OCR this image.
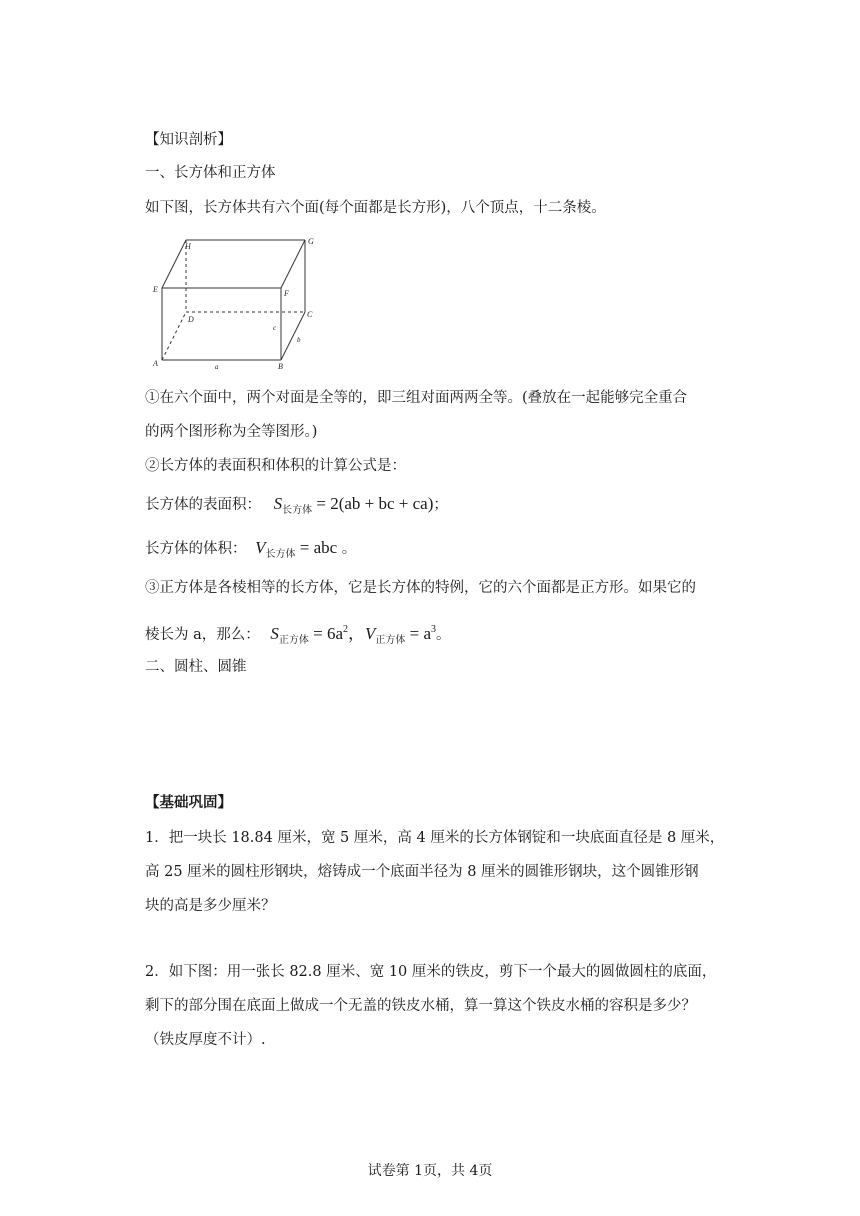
【知识剖析】
一、长方体和正方体
如下图，长方体共有六个面(每个面都是长方形)，八个顶点，十二条棱。
H
G
E	F
D
C
A	B
a
b
c
①在六个面中，两个对面是全等的，即三组对面两两全等。(叠放在一起能够完全重合
的两个图形称为全等图形。)
②长方体的表面积和体积的计算公式是：
长方体的表面积： $S_{长方体} = 2(ab$ + bc + ca)；
长方体的体积： $V_{长方体}$ = abc 。
③正方体是各棱相等的长方体，它是长方体的特例，它的六个面都是正方形。如果它的
棱长为 a，那么： $S_{正方体} = 6a^2$，$V_{正方体} = a^3$。
二、圆柱、圆锥
【基础巩固】
1．把一块长 18.84 厘米，宽 5 厘米，高 4 厘米的长方体钢锭和一块底面直径是 8 厘米，
高 25 厘米的圆柱形钢块，熔铸成一个底面半径为 8 厘米的圆锥形钢块，这个圆锥形钢
块的高是多少厘米？
2．如下图：用一张长 82.8 厘米、宽 10 厘米的铁皮，剪下一个最大的圆做圆柱的底面，
剩下的部分围在底面上做成一个无盖的铁皮水桶，算一算这个铁皮水桶的容积是多少？
（铁皮厚度不计）.
试卷第 1页，共 4页
